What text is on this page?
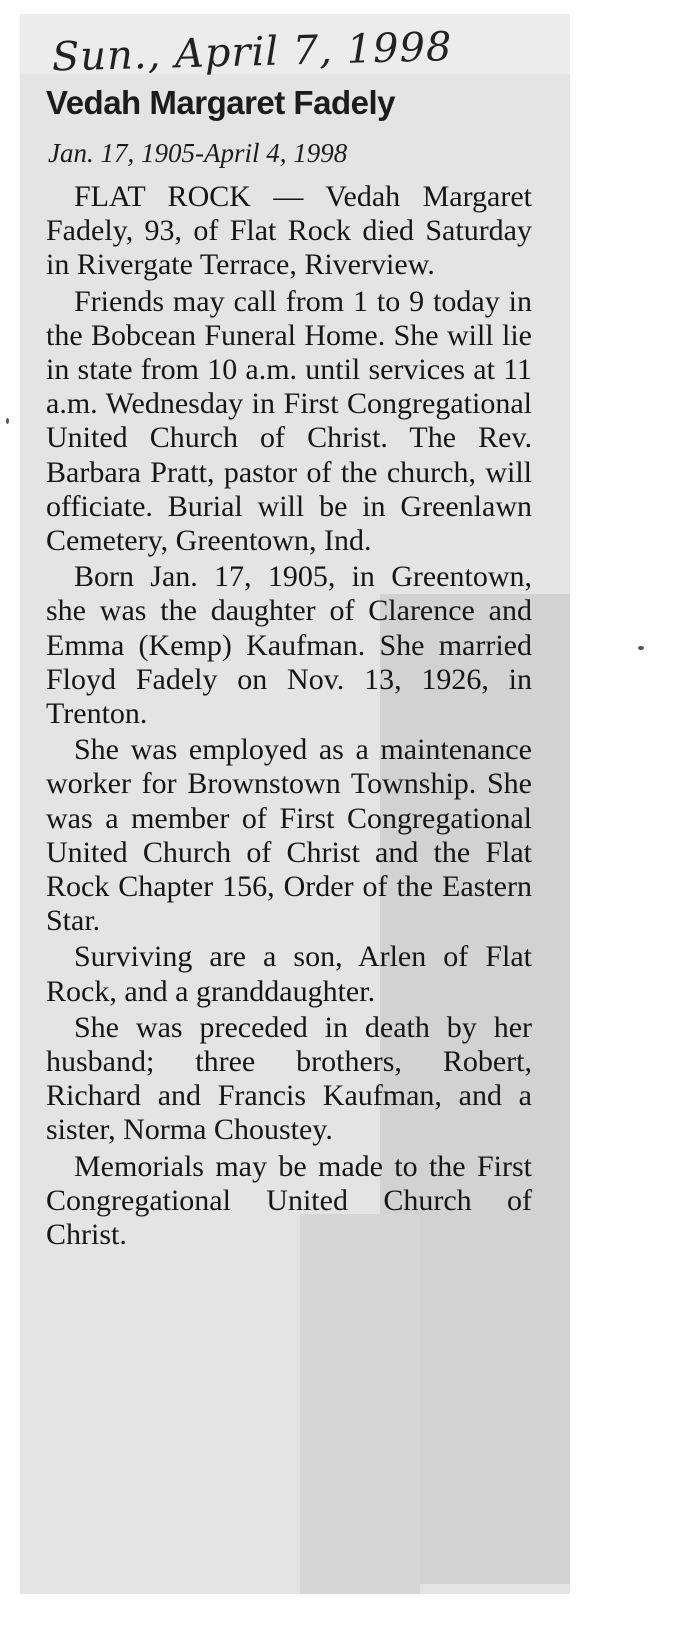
Sun., April 7, 1998
Vedah Margaret Fadely
Jan. 17, 1905-April 4, 1998

FLAT ROCK — Vedah Margaret Fadely, 93, of Flat Rock died Saturday in Rivergate Terrace, Riverview.

Friends may call from 1 to 9 today in the Bobcean Funeral Home. She will lie in state from 10 a.m. until services at 11 a.m. Wednesday in First Congregational United Church of Christ. The Rev. Barbara Pratt, pastor of the church, will officiate. Burial will be in Greenlawn Cemetery, Greentown, Ind.

Born Jan. 17, 1905, in Greentown, she was the daughter of Clarence and Emma (Kemp) Kaufman. She married Floyd Fadely on Nov. 13, 1926, in Trenton.

She was employed as a maintenance worker for Brownstown Township. She was a member of First Congregational United Church of Christ and the Flat Rock Chapter 156, Order of the Eastern Star.

Surviving are a son, Arlen of Flat Rock, and a granddaughter.

She was preceded in death by her husband; three brothers, Robert, Richard and Francis Kaufman, and a sister, Norma Choustey.

Memorials may be made to the First Congregational United Church of Christ.
